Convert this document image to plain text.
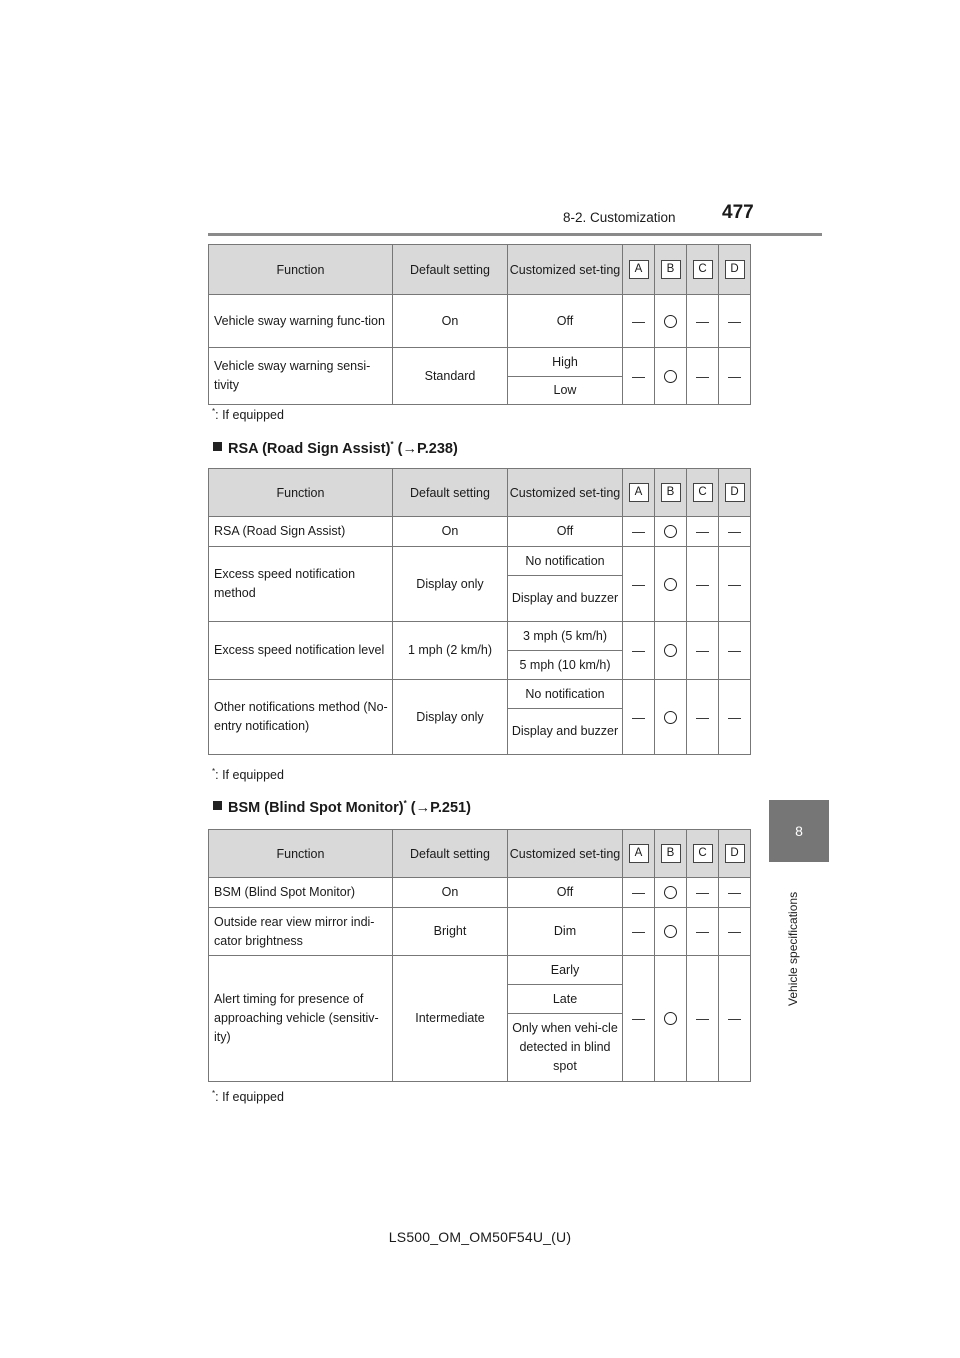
8-2. Customization 477
8
Vehicle specifications
Function	Default setting	Customized set-ting	A	B	C	D
Vehicle sway warning func-tion	On	Off	—		—	—
Vehicle sway warning sensi-tivity	Standard	High	—		—	—
		Low				
*: If equipped
RSA (Road Sign Assist)* (→P.238)
Function	Default setting	Customized set-ting	A	B	C	D
RSA (Road Sign Assist)	On	Off	—		—	—
Excess speed notification method	Display only	No notification	—		—	—
		Display and buzzer				
Excess speed notification level	1 mph (2 km/h)	3 mph (5 km/h)	—		—	—
		5 mph (10 km/h)				
Other notifications method (No-entry notification)	Display only	No notification	—		—	—
		Display and buzzer				
*: If equipped
BSM (Blind Spot Monitor)* (→P.251)
Function	Default setting	Customized set-ting	A	B	C	D
BSM (Blind Spot Monitor)	On	Off	—		—	—
Outside rear view mirror indi-cator brightness	Bright	Dim	—		—	—
Alert timing for presence of approaching vehicle (sensitiv-ity)	Intermediate	Early	—		—	—
		Late				
		Only when vehi-cle detected in blind spot				
*: If equipped
LS500_OM_OM50F54U_(U)
